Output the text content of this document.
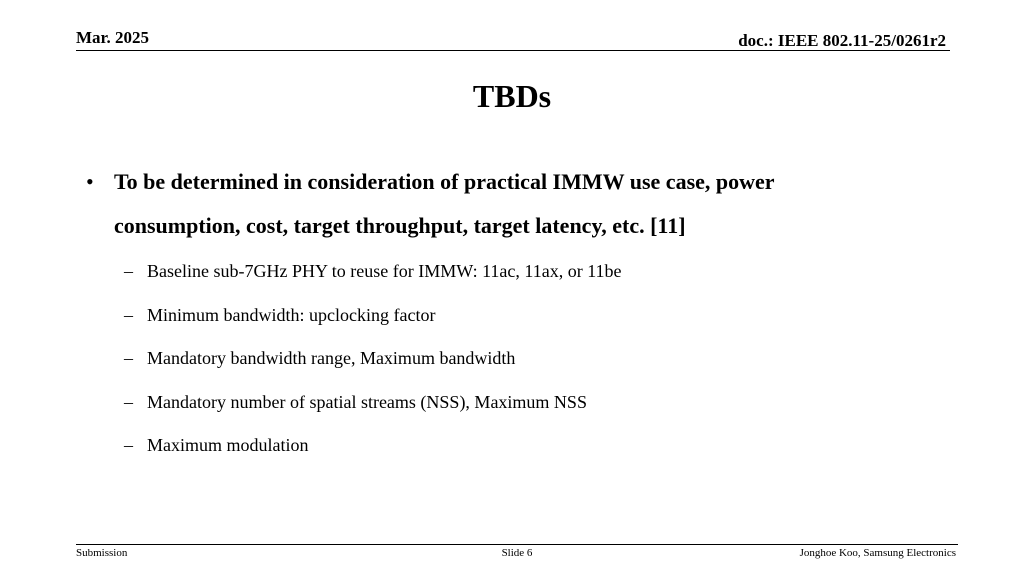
Mar. 2025	doc.: IEEE 802.11-25/0261r2
TBDs
• To be determined in consideration of practical IMMW use case, power consumption, cost, target throughput, target latency, etc. [11]
– Baseline sub-7GHz PHY to reuse for IMMW: 11ac, 11ax, or 11be
– Minimum bandwidth: upclocking factor
– Mandatory bandwidth range, Maximum bandwidth
– Mandatory number of spatial streams (NSS), Maximum NSS
– Maximum modulation
Submission	Slide 6	Jonghoe Koo, Samsung Electronics
